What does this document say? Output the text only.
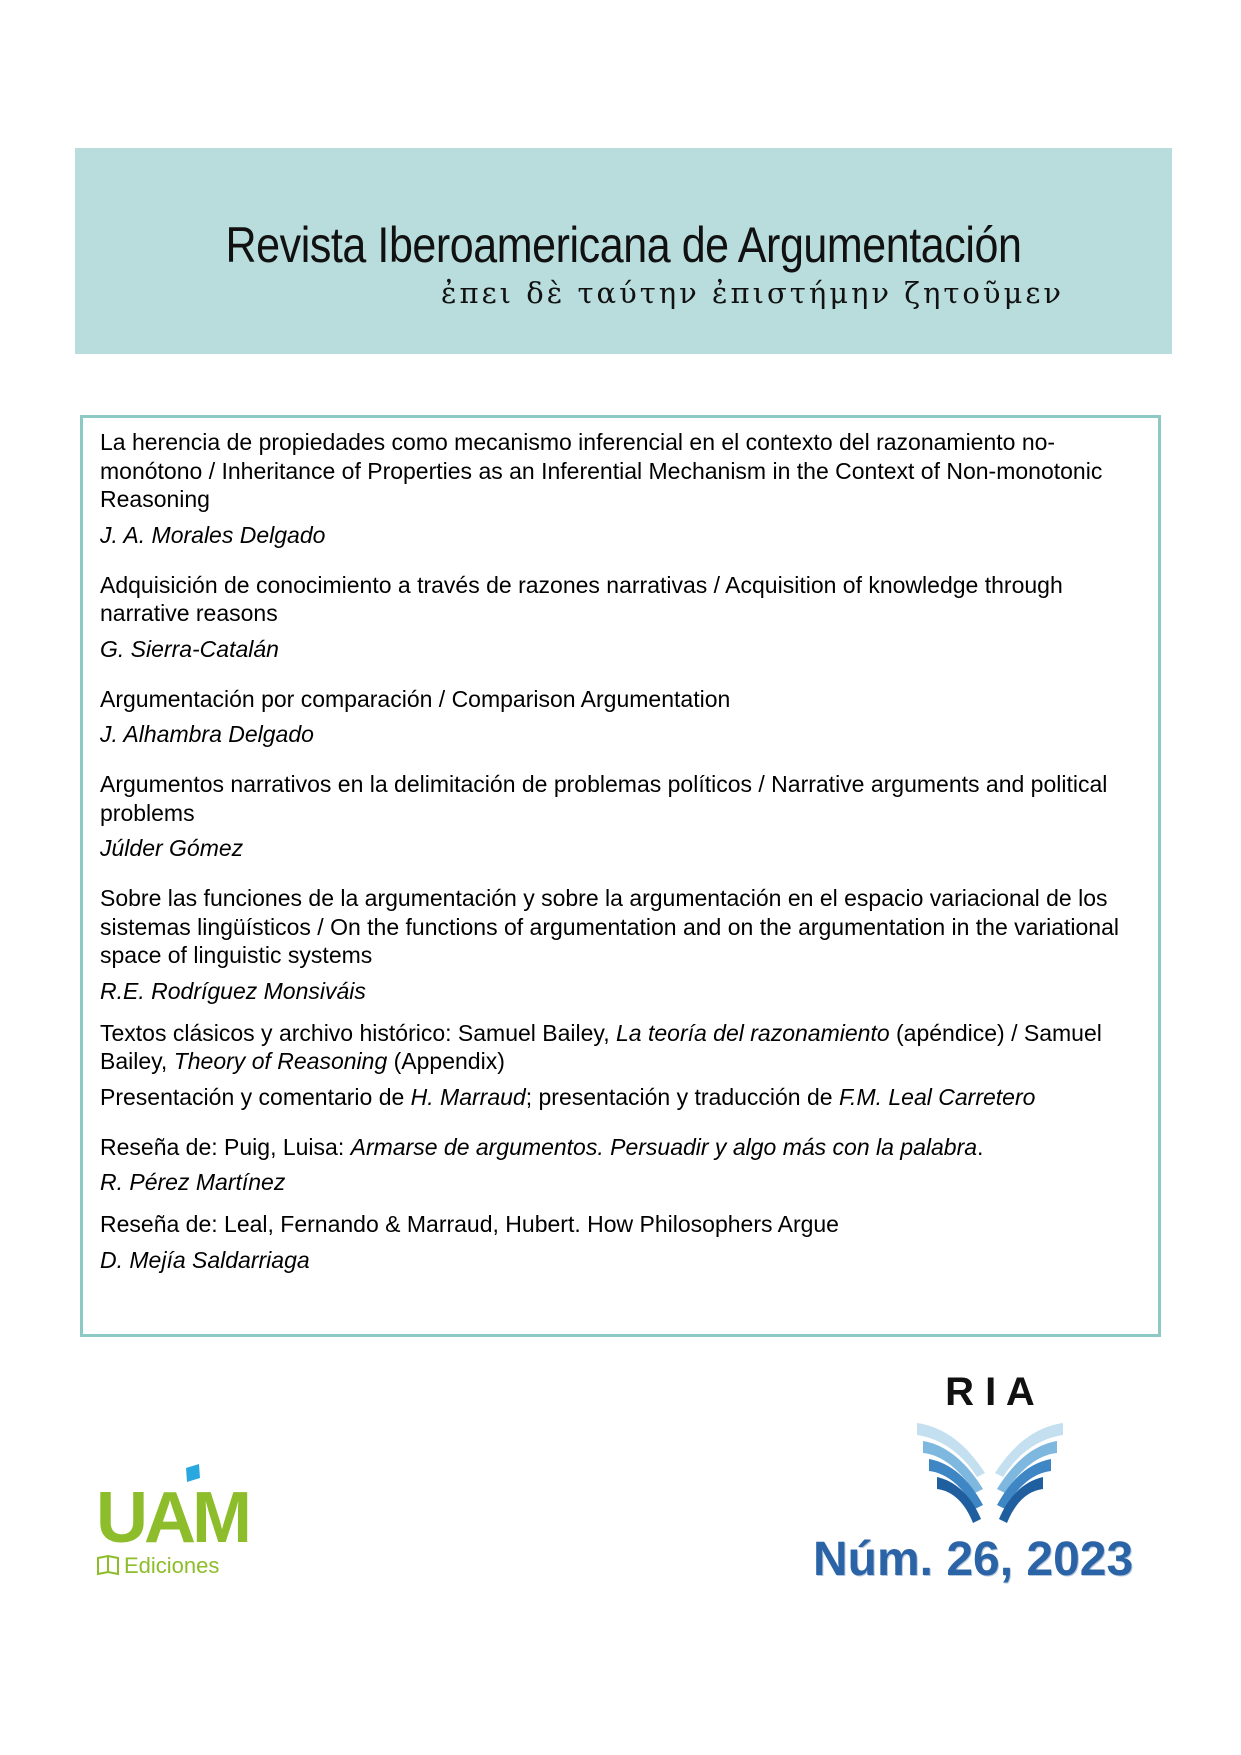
Revista Iberoamericana de Argumentación
ἐπει δὲ ταύτην ἐπιστήμην ζητοῦμεν
La herencia de propiedades como mecanismo inferencial en el contexto del razonamiento no-monótono / Inheritance of Properties as an Inferential Mechanism in the Context of Non-monotonic Reasoning
J. A. Morales Delgado
Adquisición de conocimiento a través de razones narrativas / Acquisition of knowledge through narrative reasons
G. Sierra-Catalán
Argumentación por comparación / Comparison Argumentation
J. Alhambra Delgado
Argumentos narrativos en la delimitación de problemas políticos / Narrative arguments and political problems
Júlder Gómez
Sobre las funciones de la argumentación y sobre la argumentación en el espacio variacional de los sistemas lingüísticos / On the functions of argumentation and on the argumentation in the variational space of linguistic systems
R.E. Rodríguez Monsiváis
Textos clásicos y archivo histórico: Samuel Bailey, La teoría del razonamiento (apéndice) / Samuel Bailey, Theory of Reasoning (Appendix)
Presentación y comentario de H. Marraud; presentación y traducción de F.M. Leal Carretero
Reseña de: Puig, Luisa: Armarse de argumentos. Persuadir y algo más con la palabra.
R. Pérez Martínez
Reseña de: Leal, Fernando & Marraud, Hubert. How Philosophers Argue
D. Mejía Saldarriaga
UAM
Ediciones
R I A
Núm. 26, 2023
